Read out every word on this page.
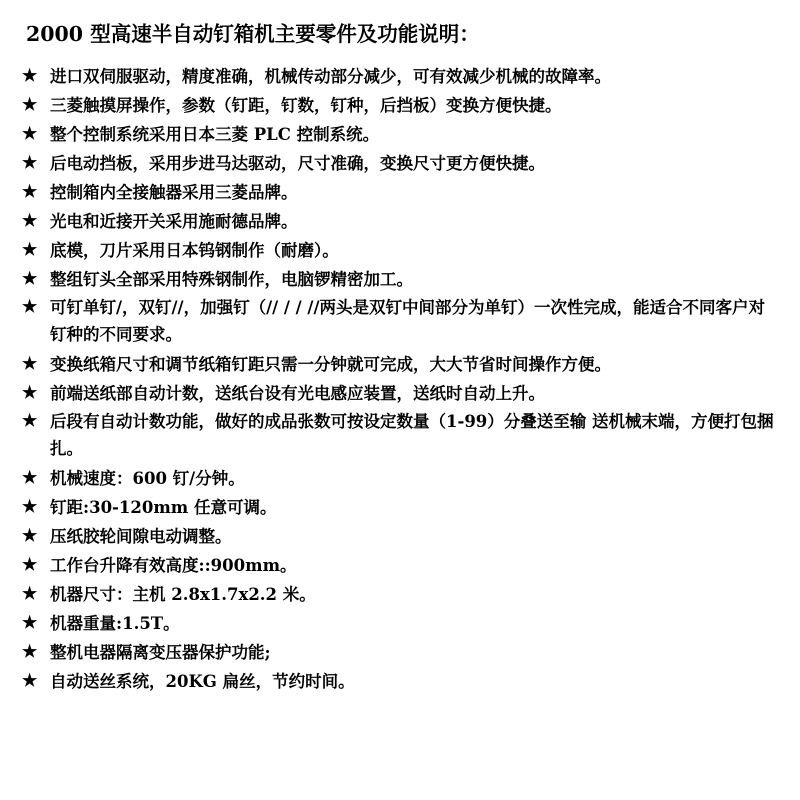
2000 型高速半自动钉箱机主要零件及功能说明：
★ 进口双伺服驱动，精度准确，机械传动部分减少，可有效减少机械的故障率。
★ 三菱触摸屏操作，参数（钉距，钉数，钉种，后挡板）变换方便快捷。
★ 整个控制系统采用日本三菱 PLC 控制系统。
★ 后电动挡板，采用步进马达驱动，尺寸准确，变换尺寸更方便快捷。
★ 控制箱内全接触器采用三菱品牌。
★ 光电和近接开关采用施耐德品牌。
★ 底模，刀片采用日本钨钢制作（耐磨）。
★ 整组钉头全部采用特殊钢制作，电脑锣精密加工。
★ 可钉单钉/，双钉//，加强钉（// / / //两头是双钉中间部分为单钉）一次性完成，能适合不同客户对钉种的不同要求。
★ 变换纸箱尺寸和调节纸箱钉距只需一分钟就可完成，大大节省时间操作方便。
★ 前端送纸部自动计数，送纸台设有光电感应装置，送纸时自动上升。
★ 后段有自动计数功能，做好的成品张数可按设定数量（1-99）分叠送至输 送机械末端，方便打包捆扎。
★ 机械速度：600 钉/分钟。
★ 钉距:30-120mm 任意可调。
★ 压纸胶轮间隙电动调整。
★ 工作台升降有效高度::900mm。
★ 机器尺寸：主机 2.8x1.7x2.2 米。
★ 机器重量:1.5T。
★ 整机电器隔离变压器保护功能;
★ 自动送丝系统，20KG 扁丝，节约时间。
